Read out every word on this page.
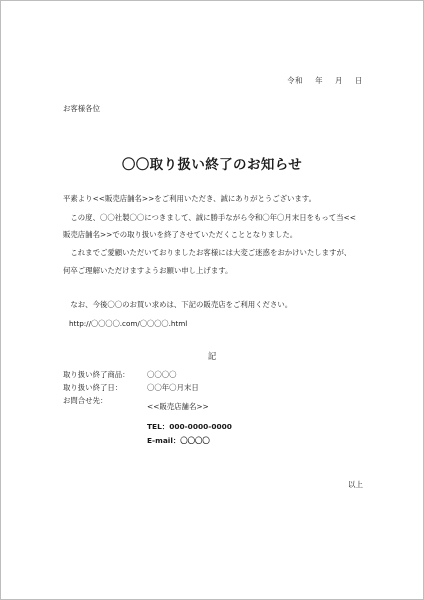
令和 年 月 日
お客様各位
〇〇取り扱い終了のお知らせ
平素より<<販売店舗名>>をご利用いただき、誠にありがとうございます。
　この度、〇〇社製〇〇につきまして、誠に勝手ながら令和〇年〇月末日をもって当<<
販売店舗名>>での取り扱いを終了させていただくこととなりました。
　これまでご愛顧いただいておりましたお客様には大変ご迷惑をおかけいたしますが、
何卒ご理解いただけますようお願い申し上げます。
　なお、今後〇〇のお買い求めは、下記の販売店をご利用ください。
http://〇〇〇〇.com/〇〇〇〇.html
記
取り扱い終了商品： 〇〇〇〇
取り扱い終了日：	〇〇年〇月末日
お問合せ先：
<<販売店舗名>>
TEL：000-0000-0000
E-mail：〇〇〇〇
以上
